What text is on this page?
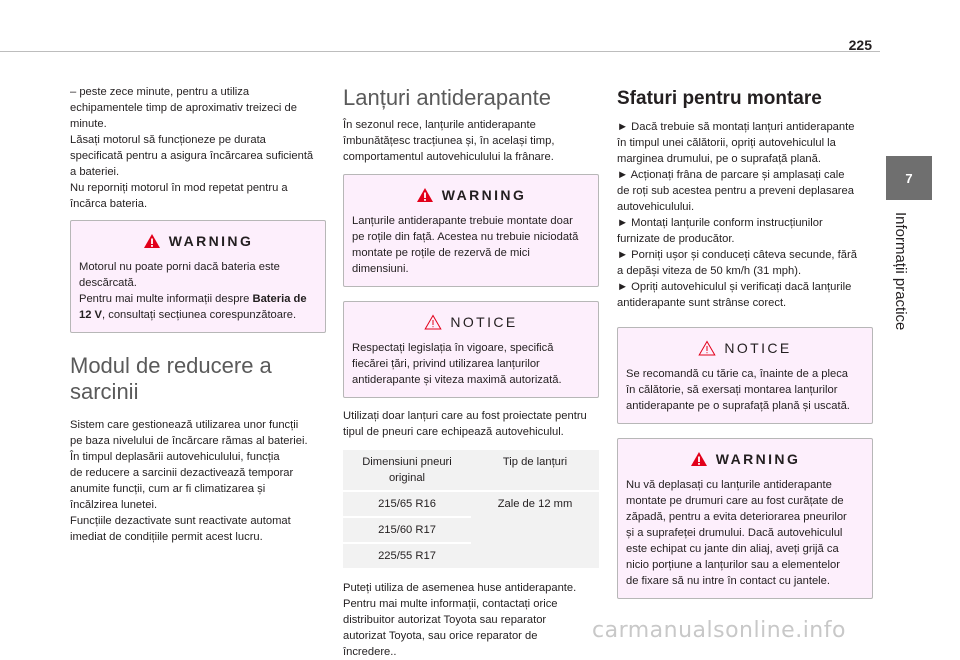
225
7
Informații practice

– peste zece minute, pentru a utiliza
echipamentele timp de aproximativ treizeci de
minute.
Lăsați motorul să funcționeze pe durata
specificată pentru a asigura încărcarea suficientă
a bateriei.
Nu reporniți motorul în mod repetat pentru a
încărca bateria.

WARNING
Motorul nu poate porni dacă bateria este
descărcată.
Pentru mai multe informații despre Bateria de
12 V, consultați secțiunea corespunzătoare.
Modul de reducere a
sarcinii

Sistem care gestionează utilizarea unor funcții
pe baza nivelului de încărcare rămas al bateriei.
În timpul deplasării autovehiculului, funcția
de reducere a sarcinii dezactivează temporar
anumite funcții, cum ar fi climatizarea și
încălzirea lunetei.
Funcțiile dezactivate sunt reactivate automat
imediat de condițiile permit acest lucru.

Lanțuri antiderapante

În sezonul rece, lanțurile antiderapante
îmbunătățesc tracțiunea și, în același timp,
comportamentul autovehiculului la frânare.

WARNING
Lanțurile antiderapante trebuie montate doar
pe roțile din față. Acestea nu trebuie niciodată
montate pe roțile de rezervă de mici
dimensiuni.
NOTICE
Respectați legislația în vigoare, specifică
fiecărei țări, privind utilizarea lanțurilor
antiderapante și viteza maximă autorizată.

Utilizați doar lanțuri care au fost proiectate pentru
tipul de pneuri care echipează autovehiculul.

Dimensiuni pneuri
original	Tip de lanțuri

215/65 R16	Zale de 12 mm

215/60 R17	

225/55 R17	

Puteți utiliza de asemenea huse antiderapante.
Pentru mai multe informații, contactați orice
distribuitor autorizat Toyota sau reparator
autorizat Toyota, sau orice reparator de
încredere..

Sfaturi pentru montare

► Dacă trebuie să montați lanțuri antiderapante
în timpul unei călătorii, opriți autovehiculul la
marginea drumului, pe o suprafață plană.
► Acționați frâna de parcare și amplasați cale
de roți sub acestea pentru a preveni deplasarea
autovehiculului.
► Montați lanțurile conform instrucțiunilor
furnizate de producător.
► Porniți ușor și conduceți câteva secunde, fără
a depăși viteza de 50 km/h (31 mph).
► Opriți autovehiculul și verificați dacă lanțurile
antiderapante sunt strânse corect.

NOTICE
Se recomandă cu tărie ca, înainte de a pleca
în călătorie, să exersați montarea lanțurilor
antiderapante pe o suprafață plană și uscată.
WARNING
Nu vă deplasați cu lanțurile antiderapante
montate pe drumuri care au fost curățate de
zăpadă, pentru a evita deteriorarea pneurilor
și a suprafeței drumului. Dacă autovehiculul
este echipat cu jante din aliaj, aveți grijă ca
nicio porțiune a lanțurilor sau a elementelor
de fixare să nu intre în contact cu jantele.
carmanualsonline.info
